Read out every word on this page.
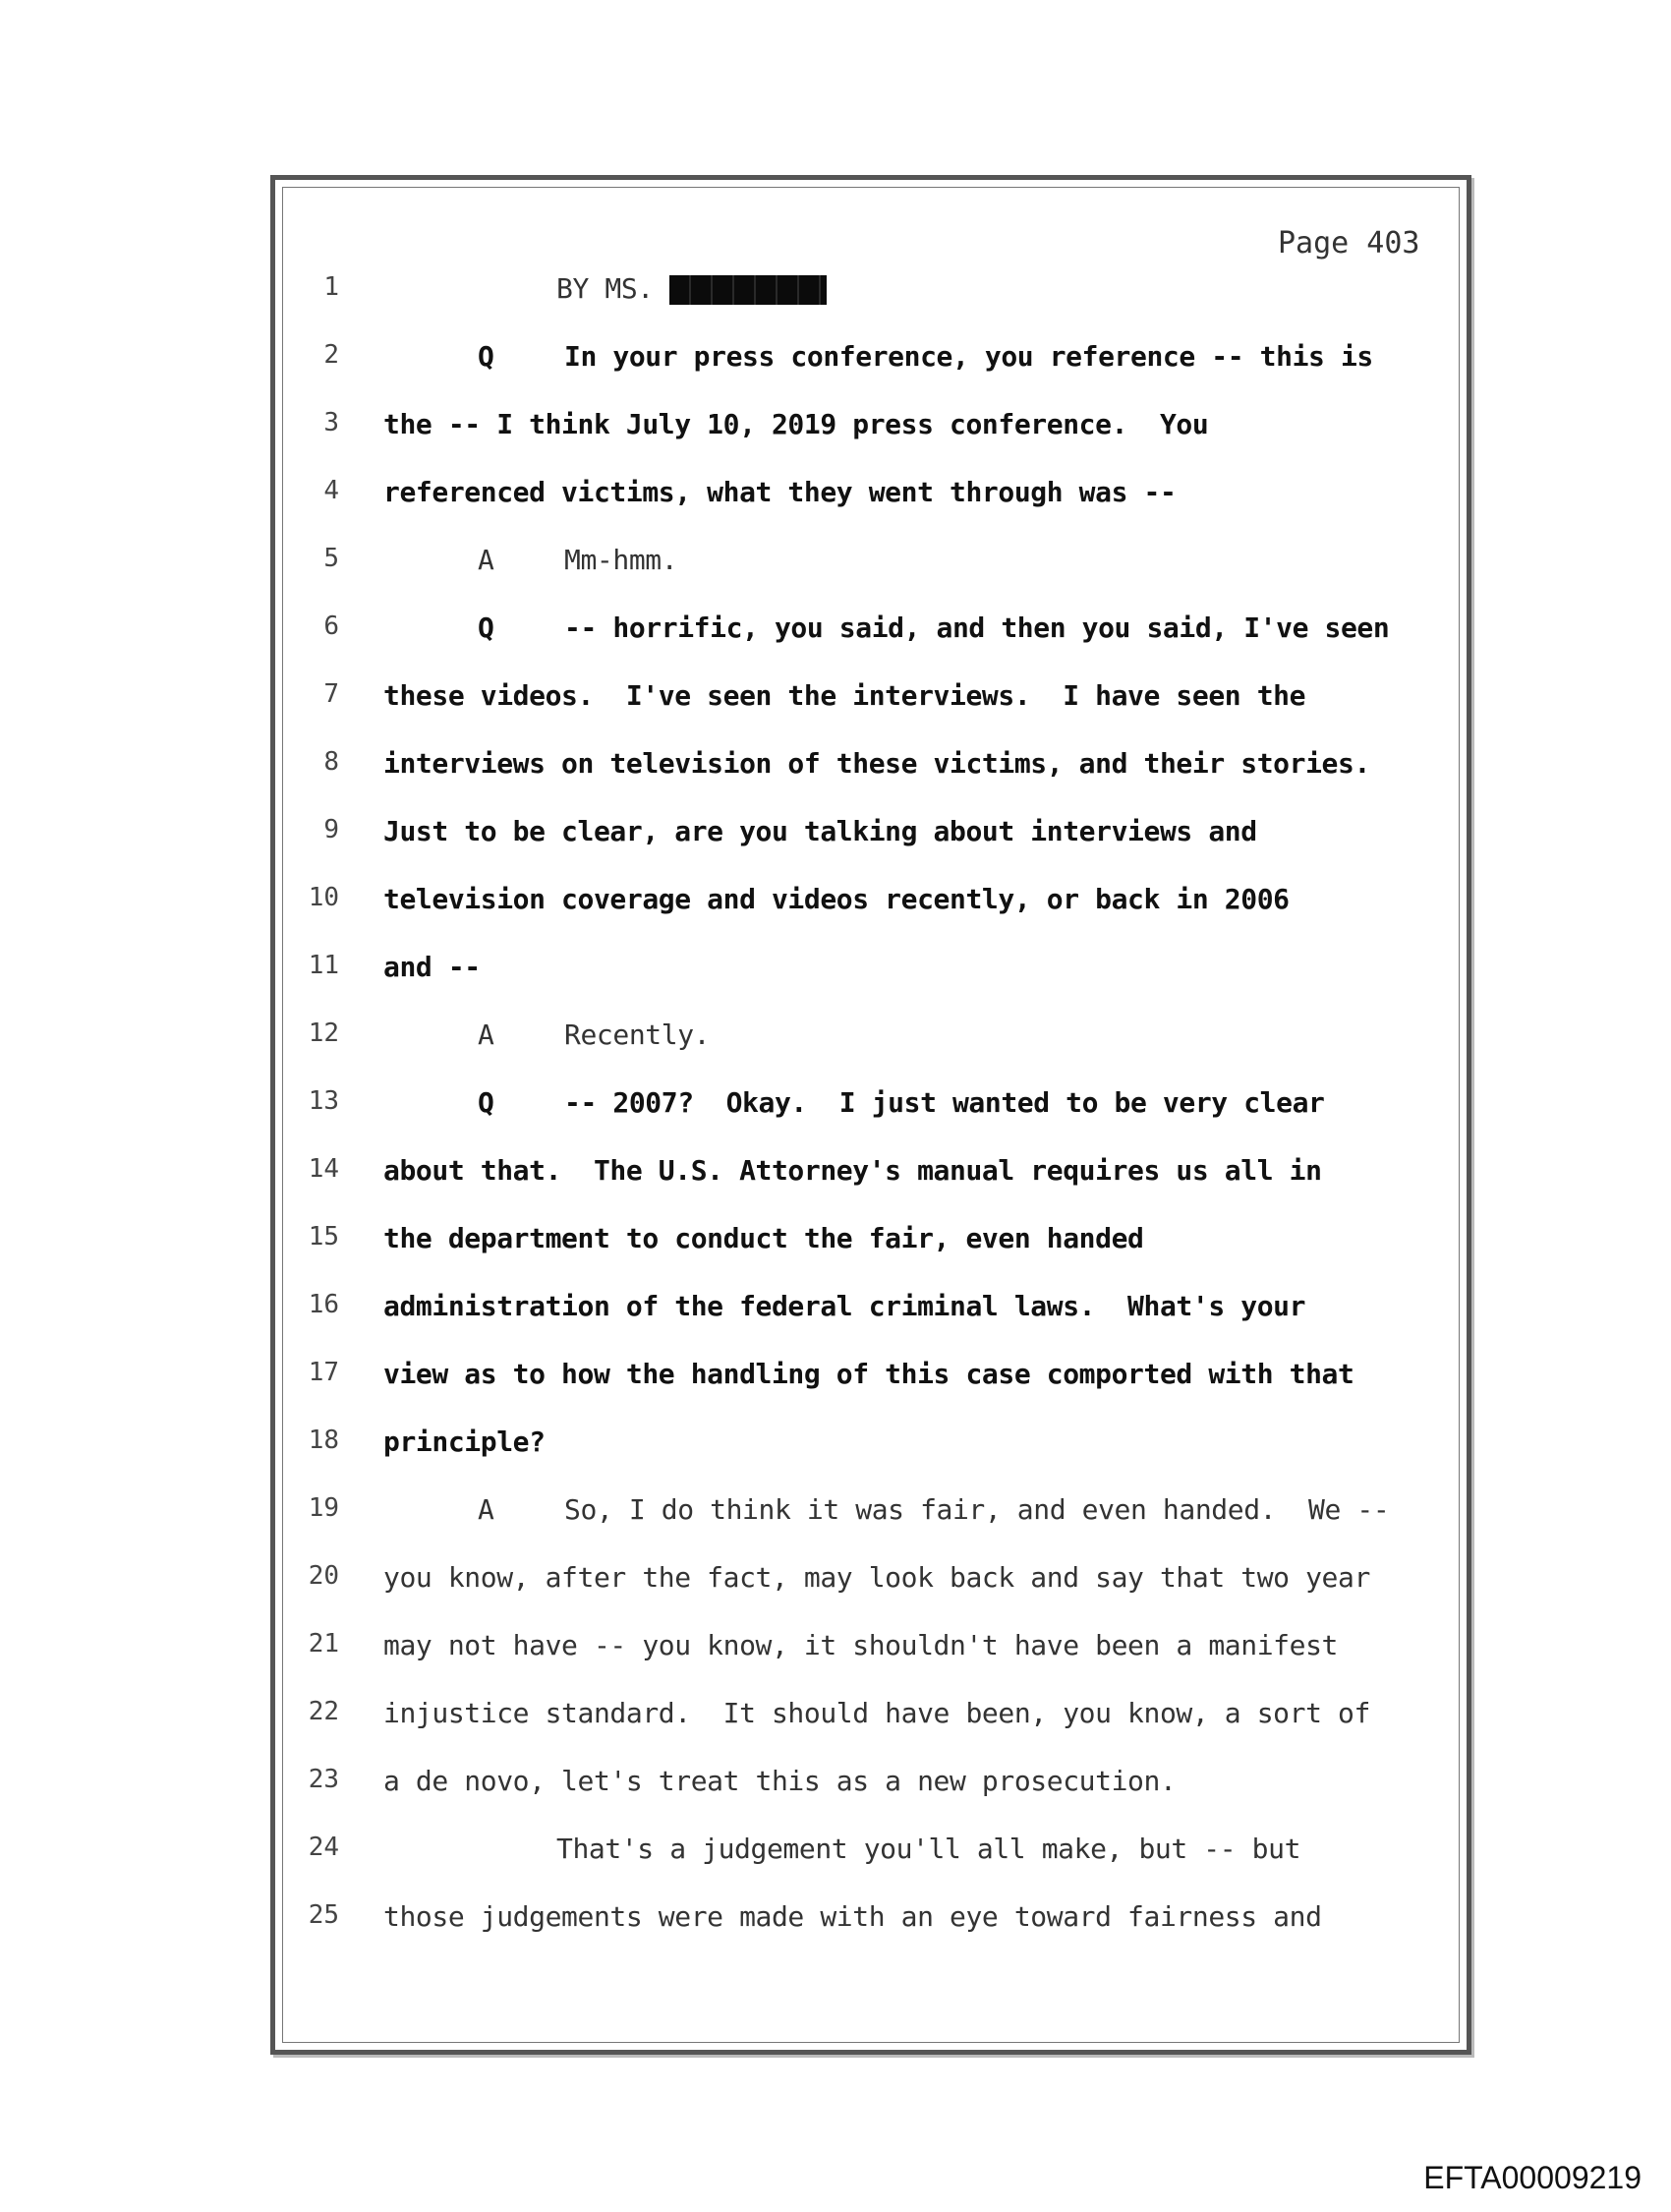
Page 403
1	BY MS.
2	Q	In your press conference, you reference -- this is
3 the -- I think July 10, 2019 press conference.  You
4 referenced victims, what they went through was --
5	A	Mm-hmm.
6	Q	-- horrific, you said, and then you said, I've seen
7 these videos.  I've seen the interviews.  I have seen the
8 interviews on television of these victims, and their stories.
9 Just to be clear, are you talking about interviews and
10 television coverage and videos recently, or back in 2006
11 and --
12	A	Recently.
13	Q	-- 2007?  Okay.  I just wanted to be very clear
14 about that.  The U.S. Attorney's manual requires us all in
15 the department to conduct the fair, even handed
16 administration of the federal criminal laws.  What's your
17 view as to how the handling of this case comported with that
18 principle?
19	A	So, I do think it was fair, and even handed.  We --
20 you know, after the fact, may look back and say that two year
21 may not have -- you know, it shouldn't have been a manifest
22 injustice standard.  It should have been, you know, a sort of
23 a de novo, let's treat this as a new prosecution.
24	That's a judgement you'll all make, but -- but
25 those judgements were made with an eye toward fairness and
EFTA00009219
